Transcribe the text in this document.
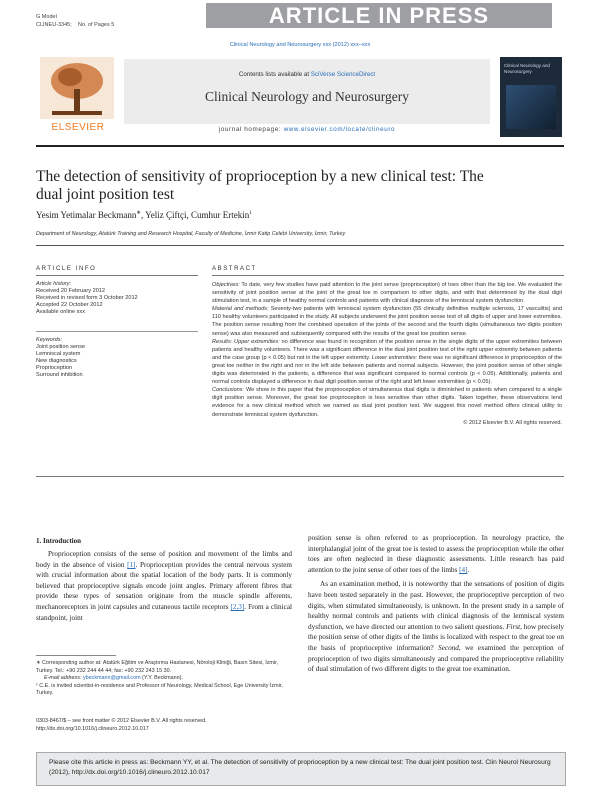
G Model
CLINEU-3345; No. of Pages 5	ARTICLE IN PRESS
Clinical Neurology and Neurosurgery xxx (2012) xxx–xxx
Contents lists available at SciVerse ScienceDirect
Clinical Neurology and Neurosurgery
journal homepage: www.elsevier.com/locate/clineuro
ELSEVIER
Clinical Neurology and Neurosurgery
The detection of sensitivity of proprioception by a new clinical test: The dual joint position test
Yesim Yetimalar Beckmann∗, Yeliz Çiftçi, Cumhur Ertekin$^1$
Department of Neurology, Atatürk Training and Research Hospital, Faculty of Medicine, İzmir Katip Celebi University, İzmir, Turkey
ARTICLE INFO
Article history:
Received 20 February 2012
Received in revised form 3 October 2012
Accepted 22 October 2012
Available online xxx
Keywords:
Joint position sense
Lemniscal system
New diagnostics
Proprioception
Surround inhibition
ABSTRACT

Objectives: To date, very few studies have paid attention to the joint sense (proprioception) of toes other than the big toe. We evaluated the sensitivity of joint position sense at the joint of the great toe in comparison to other digits, and with that determined by the dual digit stimulation test, in a sample of healthy normal controls and patients with clinical diagnosis of the lemniscal system dysfunction.

Material and methods: Seventy-two patients with lemniscal system dysfunction (55 clinically definitive multiple sclerosis, 17 vasculitis) and 110 healthy volunteers participated in the study. All subjects underwent the joint position sense test of all digits of upper and lower extremities. The position sense resulting from the combined operation of the joints of the second and the fourth digits (simultaneous two digits position sense) was also measured and subsequently compared with the results of the great toe position sense.

Results: Upper extremities: no difference was found in recognition of the position sense in the single digits of the upper extremities between patients and healthy volunteers. There was a significant difference in the dual joint position test of the right upper extremity between patients and the case group (p < 0.05) but not in the left upper extremity. Lower extremities: there was no significant difference in proprioception of the great toe neither in the right and nor in the left side between patients and normal subjects. However, the joint position sense of other single digits was deteriorated in the patients, a difference that was significant compared to normal controls (p < 0.05). Additionally, patients and normal controls displayed a difference in dual digit position sense of the right and left lower extremities (p < 0.05).

Conclusions: We show in this paper that the proprioception of simultaneous dual digits is diminished in patients when compared to a single digit position sense. Moreover, the great toe proprioception is less sensitive than other digits. Taken together, these observations lend evidence for a new clinical method which we named as dual joint position test. We suggest this novel method offers clinical utility to demonstrate lemniscal system dysfunction.

© 2012 Elsevier B.V. All rights reserved.

1. Introduction

Proprioception consists of the sense of position and movement of the limbs and body in the absence of vision [1]. Proprioception provides the central nervous system with crucial information about the spatial location of the body parts. It is commonly believed that proprioceptive signals encode joint angles. Primary afferent fibres that provide these types of sensation originate from the muscle spindle afferents, mechanoreceptors in joint capsules and cutaneous tactile receptors [2,3]. From a clinical standpoint, joint

position sense is often referred to as proprioception. In neurology practice, the interphalangial joint of the great toe is tested to assess the proprioception while the other toes are often neglected in these diagnostic assessments. Little research has paid attention to the joint sense of other toes of the limbs [4].

As an examination method, it is noteworthy that the sensations of position of digits have been tested separately in the past. However, the proprioceptive perception of two digits, when stimulated simultaneously, is unknown. In the present study in a sample of healthy normal controls and patients with clinical diagnosis of the lemniscal system dysfunction, we have directed our attention to two salient questions. First, how precisely the position sense of other digits of the limbs is localized with respect to the great toe on the basis of proprioceptive information? Second, we examined the perception of proprioception of two digits simultaneously and compared the proprioceptive reliability of dual stimulation of two different digits to the great toe examination.

∗ Corresponding author at: Atatürk Eğitim ve Araştırma Hastanesi, Nöroloji Kliniği, Basın Sitesi, İzmir, Turkey. Tel.: +90 232 244 44 44; fax: +90 232 243 15 30.

E-mail address: ybeckmann@gmail.com (Y.Y. Beckmann).

¹ C.E. is invited scientist-in-residence and Professor of Neurology, Medical School, Ege University İzmir, Turkey.

0303-8467/$ – see front matter © 2012 Elsevier B.V. All rights reserved.
http://dx.doi.org/10.1016/j.clineuro.2012.10.017
Please cite this article in press as: Beckmann YY, et al. The detection of sensitivity of proprioception by a new clinical test: The dual joint position test. Clin Neurol Neurosurg (2012), http://dx.doi.org/10.1016/j.clineuro.2012.10.017
